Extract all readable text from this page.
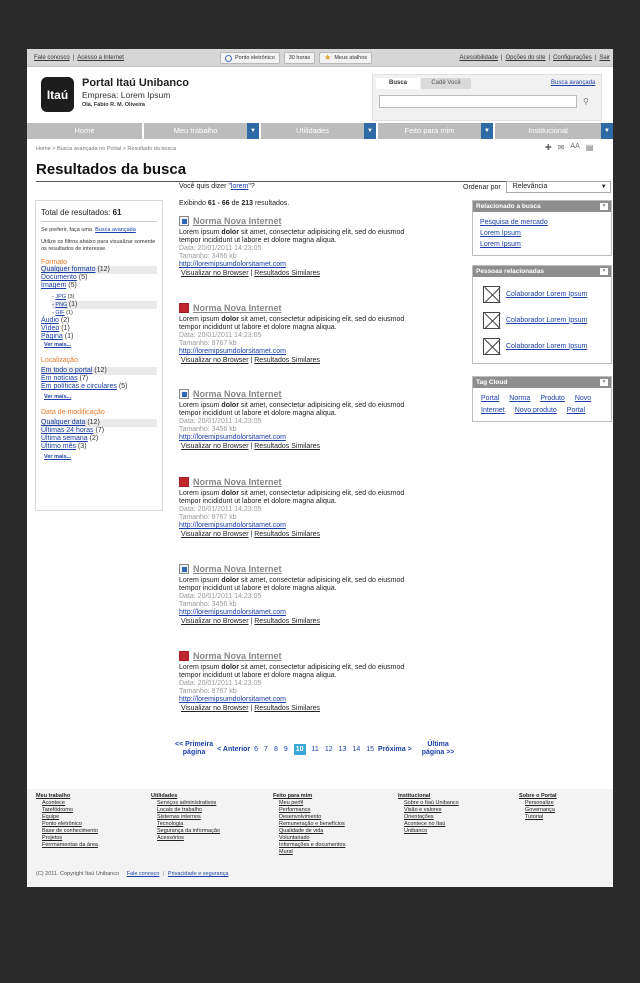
Fale conosco | Acesso a Internet	Ponto eletrônico	30 horas ★ Meus atalhos	Acessibilidade | Opções do site | Configurações | Sair
Itaú
Portal Itaú Unibanco
Empresa: Lorem Ipsum
Olá, Fábio R. M. Oliveira
Busca	Cadê Você
⚲
Busca avançada
Home	Meu trabalho	▼	Utilidades	▼	Feito para mim	▼	Institucional	▼
Home > Busca avançada no Portal > Resultado da busca	✚ ✉ AA ▤
Resultados da busca
Total de resultados: 61
Se preferir, faça uma Busca avançada
Utilize os filtros abaixo para visualizar somente os resultados de interesse.
Formato
Qualquer formato (12)
Documento (5)
Imagem (5)
- JPG (3)
- PNG (1)
- GIF (1)
Áudio (2)
Vídeo (1)
Página (1)
Ver mais...
Localização
Em todo o portal (12)
Em notícias (7)
Em políticas e circulares (5)
Ver mais...
Data de modificação
Qualquer data (12)
Últimas 24 horas (7)
Última semana (2)
Último mês (3)
Ver mais...
Você quis dizer "lorem"?
Exibindo 61 - 66 de 213 resultados.
Norma Nova Internet
Lorem ipsum dolor sit amet, consectetur adipisicing elit, sed do eiusmod tempor incididunt ut labore et dolore magna aliqua.
Data: 20/01/2011 14:23:05
Tamanho: 3456 kb
http://loremipsumdolorsitamet.com
Visualizar no Browser | Resultados Similares
Norma Nova Internet
Lorem ipsum dolor sit amet, consectetur adipisicing elit, sed do eiusmod tempor incididunt ut labore et dolore magna aliqua.
Data: 20/01/2011 14:23:05
Tamanho: 8767 kb
http://loremipsumdolorsitamet.com
Visualizar no Browser | Resultados Similares
Norma Nova Internet
Lorem ipsum dolor sit amet, consectetur adipisicing elit, sed do eiusmod tempor incididunt ut labore et dolore magna aliqua.
Data: 20/01/2011 14:23:05
Tamanho: 3456 kb
http://loremipsumdolorsitamet.com
Visualizar no Browser | Resultados Similares
Norma Nova Internet
Lorem ipsum dolor sit amet, consectetur adipisicing elit, sed do eiusmod tempor incididunt ut labore et dolore magna aliqua.
Data: 20/01/2011 14:23:05
Tamanho: 8767 kb
http://loremipsumdolorsitamet.com
Visualizar no Browser | Resultados Similares
Norma Nova Internet
Lorem ipsum dolor sit amet, consectetur adipisicing elit, sed do eiusmod tempor incididunt ut labore et dolore magna aliqua.
Data: 20/01/2011 14:23:05
Tamanho: 3456 kb
http://loremipsumdolorsitamet.com
Visualizar no Browser | Resultados Similares
Norma Nova Internet
Lorem ipsum dolor sit amet, consectetur adipisicing elit, sed do eiusmod tempor incididunt ut labore et dolore magna aliqua.
Data: 20/01/2011 14:23:05
Tamanho: 8767 kb
http://loremipsumdolorsitamet.com
Visualizar no Browser | Resultados Similares
<< Primeira
página	< Anterior 6 7 8 9 10 11 12 13 14 15 Próxima >
Última
página >>
Ordenar por	Relevância ▼
Relacionado a busca	▼
Pesquisa de mercado
Lorem Ipsum
Lorem Ipsum
Pessoas relacionadas	▼
Colaborador Lorem Ipsum
Colaborador Lorem Ipsum
Colaborador Lorem Ipsum
Tag Cloud	▼
Portal Norma Produto Novo
Internet Novo produto Portal
Meu trabalho
Acontece
Tarefódromo
Equipe
Ponto eletrônico
Base de conhecimento
Projetos
Ferrmamentas da área
Utilidades
Serviços administrativos
Locais de trabalho
Sistemas internos
Tecnologia
Segurança da informação
Acessórios
Feito para mim
Meu perfil
Performance
Desenvolvimento
Remuneração e benefícios
Qualidade de vida
Voluntariado
Informações e documentos
Mural
Institucional
Sobre o Itaú Unibanco
Visão e valores
Orientações
Acontece no Itaú
Unibanco
Sobre o Portal
Personalize
Governança
Tutorial
(C) 2011. Copyright Itaú Unibanco Fale conosco | Privacidade e segurança
